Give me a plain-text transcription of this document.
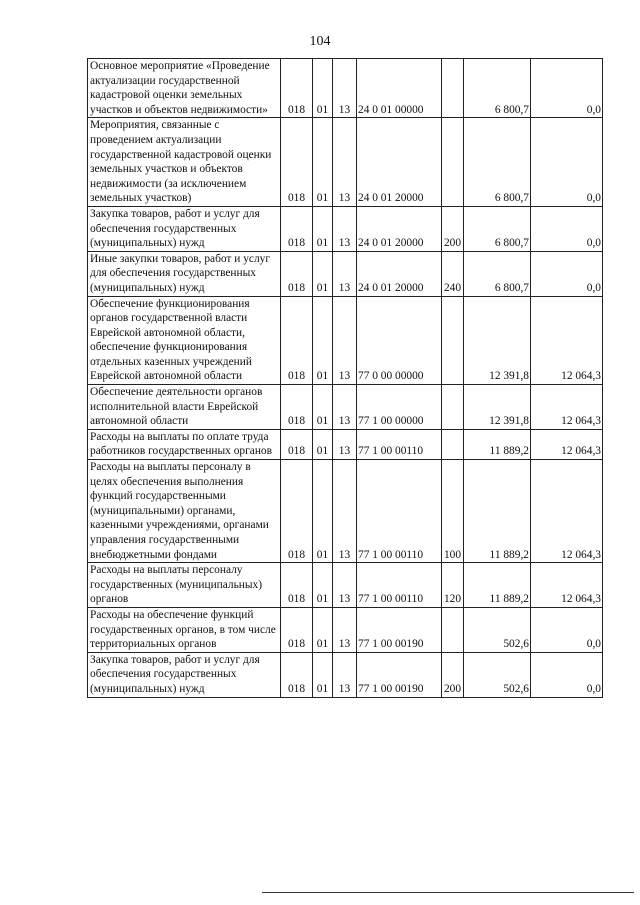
104
Основное мероприятие «Проведение актуализации государственной кадастровой оценки земельных участков и объектов недвижимости»	018	01	13	24 0 01 00000		6 800,7	0,0
Мероприятия, связанные с проведением актуализации государственной кадастровой оценки земельных участков и объектов недвижимости (за исключением земельных участков)	018	01	13	24 0 01 20000		6 800,7	0,0
Закупка товаров, работ и услуг для обеспечения государственных (муниципальных) нужд	018	01	13	24 0 01 20000	200	6 800,7	0,0
Иные закупки товаров, работ и услуг для обеспечения государственных (муниципальных) нужд	018	01	13	24 0 01 20000	240	6 800,7	0,0
Обеспечение функционирования органов государственной власти Еврейской автономной области, обеспечение функционирования отдельных казенных учреждений Еврейской автономной области	018	01	13	77 0 00 00000		12 391,8	12 064,3
Обеспечение деятельности органов исполнительной власти Еврейской автономной области	018	01	13	77 1 00 00000		12 391,8	12 064,3
Расходы на выплаты по оплате труда работников государственных органов	018	01	13	77 1 00 00110		11 889,2	12 064,3
Расходы на выплаты персоналу в целях обеспечения выполнения функций государственными (муниципальными) органами, казенными учреждениями, органами управления государственными внебюджетными фондами	018	01	13	77 1 00 00110	100	11 889,2	12 064,3
Расходы на выплаты персоналу государственных (муниципальных) органов	018	01	13	77 1 00 00110	120	11 889,2	12 064,3
Расходы на обеспечение функций государственных органов, в том числе территориальных органов	018	01	13	77 1 00 00190		502,6	0,0
Закупка товаров, работ и услуг для обеспечения государственных (муниципальных) нужд	018	01	13	77 1 00 00190	200	502,6	0,0
